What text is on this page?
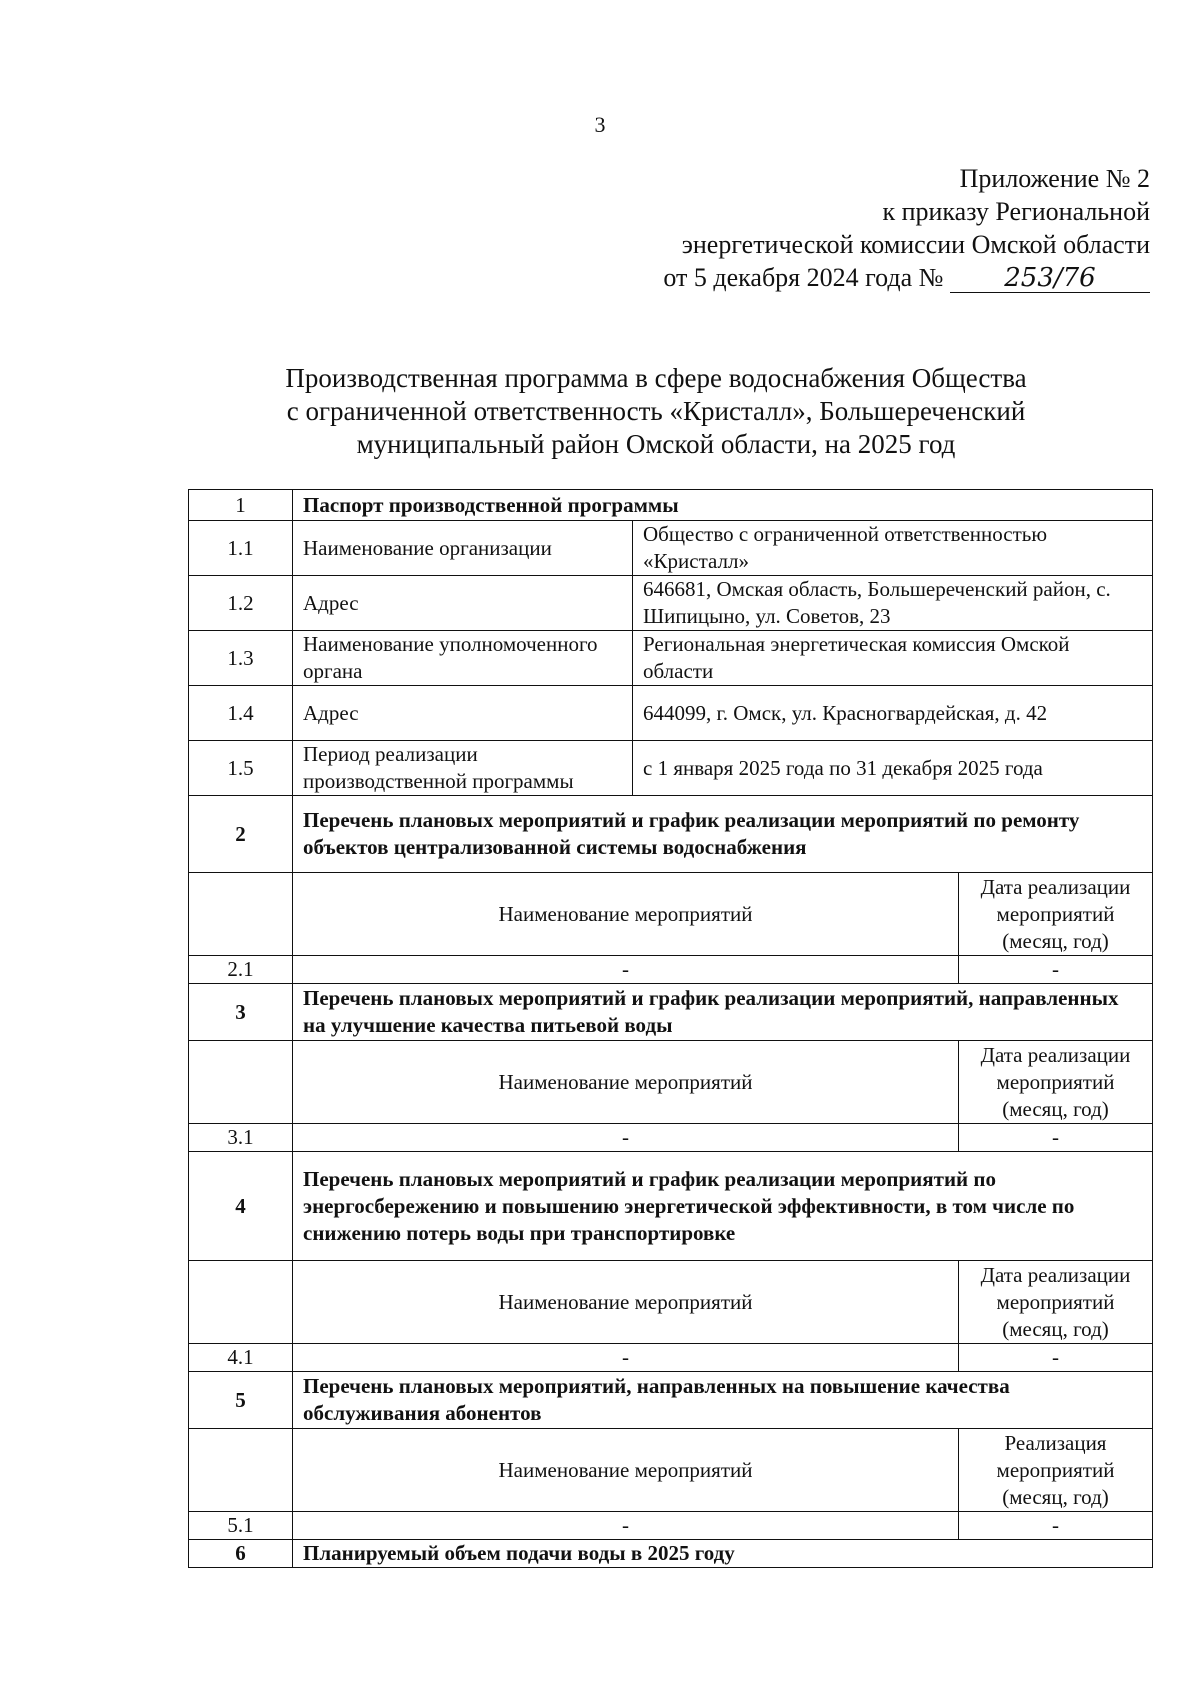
3
Приложение № 2
к приказу Региональной
энергетической комиссии Омской области
от 5 декабря 2024 года № 253/76
Производственная программа в сфере водоснабжения Общества
с ограниченной ответственность «Кристалл», Большереченский
муниципальный район Омской области, на 2025 год
1	Паспорт производственной программы		
1.1	Наименование организации	Общество с ограниченной ответственностью «Кристалл»	
1.2	Адрес	646681, Омская область, Большереченский район, с. Шипицыно, ул. Советов, 23	
1.3	Наименование уполномоченного органа	Региональная энергетическая комиссия Омской области	
1.4	Адрес	644099, г. Омск, ул. Красногвардейская, д. 42	
1.5	Период реализации производственной программы	с 1 января 2025 года по 31 декабря 2025 года	
2	Перечень плановых мероприятий и график реализации мероприятий по ремонту объектов централизованной системы водоснабжения		
	Наименование мероприятий		Дата реализации мероприятий (месяц, год)
2.1	-		-
3	Перечень плановых мероприятий и график реализации мероприятий, направленных на улучшение качества питьевой воды		
	Наименование мероприятий		Дата реализации мероприятий (месяц, год)
3.1	-		-
4	Перечень плановых мероприятий и график реализации мероприятий по энергосбережению и повышению энергетической эффективности, в том числе по снижению потерь воды при транспортировке		
	Наименование мероприятий		Дата реализации мероприятий (месяц, год)
4.1	-		-
5	Перечень плановых мероприятий, направленных на повышение качества обслуживания абонентов		
	Наименование мероприятий		Реализация мероприятий (месяц, год)
5.1	-		-
6	Планируемый объем подачи воды в 2025 году		
